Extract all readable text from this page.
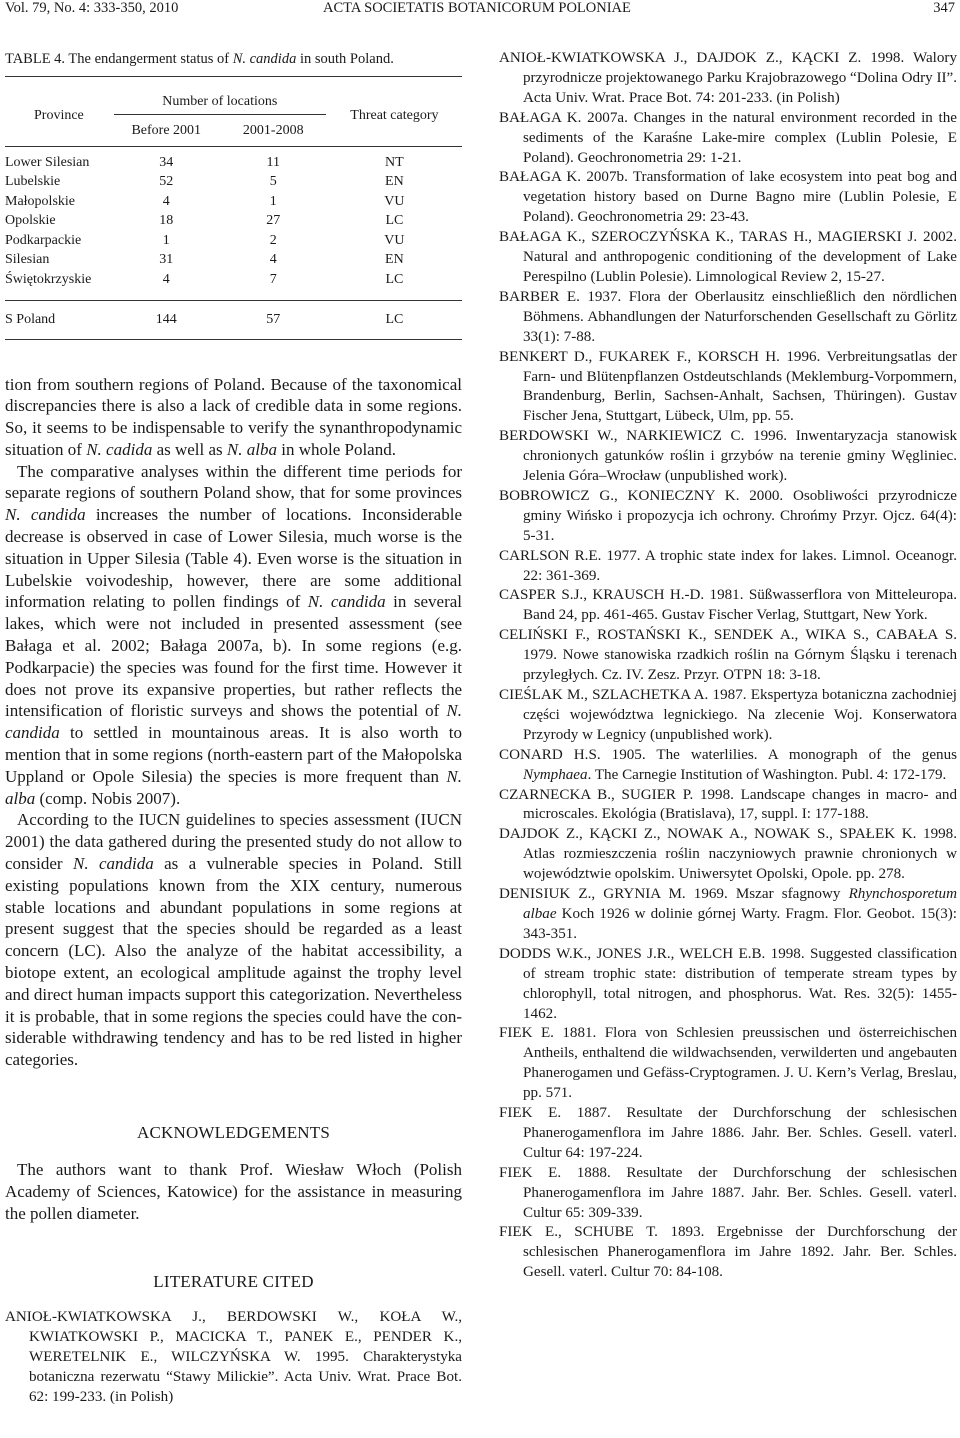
Vol. 79, No. 4: 333-350, 2010	ACTA SOCIETATIS BOTANICORUM POLONIAE	347

TABLE 4. The endangerment status of N. candida in south Poland.

Province	Number of locations		Threat category
	Before 2001	2001-2008	

Lower Silesian	34	11	NT
Lubelskie	52	5	EN
Małopolskie	4	1	VU
Opolskie	18	27	LC
Podkarpackie	1	2	VU
Silesian	31	4	EN
Świętokrzyskie	4	7	LC

S Poland	144	57	LC

tion from southern regions of Poland. Because of the taxonomical discrepancies there is also a lack of credible data in some regions. So, it seems to be indispensable to verify the synanthropodynamic situation of N. cadida as well as N. alba in whole Poland.

The comparative analyses within the different time periods for separate regions of southern Poland show, that for some provinces N. candida increases the number of locations. Inconsiderable decrease is observed in case of Lower Silesia, much worse is the situation in Upper Silesia (Table 4). Even worse is the situation in Lubelskie voivodeship, however, there are some additional information relating to pollen findings of N. candida in several lakes, which were not included in presented assessment (see Bałaga et al. 2002; Bałaga 2007a, b). In some regions (e.g. Podkarpacie) the species was found for the first time. However it does not prove its expansive properties, but rather reflects the intensification of floristic surveys and shows the potential of N. candida to settled in mountainous areas. It is also worth to mention that in some regions (north-eastern part of the Małopolska Uppland or Opole Silesia) the species is more frequent than N. alba (comp. Nobis 2007).

According to the IUCN guidelines to species assessment (IUCN 2001) the data gathered during the presented study do not allow to consider N. candida as a vulnerable species in Poland. Still existing populations known from the XIX century, numerous stable locations and abundant populations in some regions at present suggest that the species should be regarded as a least concern (LC). Also the analyze of the habitat accessibility, a biotope extent, an ecological amplitude against the trophy level and direct human impacts support this categorization. Nevertheless it is probable, that in some regions the species could have the considerable withdrawing tendency and has to be red listed in higher categories.

ACKNOWLEDGEMENTS

The authors want to thank Prof. Wiesław Włoch (Polish Academy of Sciences, Katowice) for the assistance in measuring the pollen diameter.

LITERATURE CITED

ANIOŁ-KWIATKOWSKA J., BERDOWSKI W., KOŁA W., KWIATKOWSKI P., MACICKA T., PANEK E., PENDER K., WERETELNIK E., WILCZYŃSKA W. 1995. Charakterystyka botaniczna rezerwatu “Stawy Milickie”. Acta Univ. Wrat. Prace Bot. 62: 199-233. (in Polish)

ANIOŁ-KWIATKOWSKA J., DAJDOK Z., KĄCKI Z. 1998. Walory przyrodnicze projektowanego Parku Krajobrazowego “Dolina Odry II”. Acta Univ. Wrat. Prace Bot. 74: 201-233. (in Polish)

BAŁAGA K. 2007a. Changes in the natural environment recorded in the sediments of the Karaśne Lake-mire complex (Lublin Polesie, E Poland). Geochronometria 29: 1-21.

BAŁAGA K. 2007b. Transformation of lake ecosystem into peat bog and vegetation history based on Durne Bagno mire (Lublin Polesie, E Poland). Geochronometria 29: 23-43.

BAŁAGA K., SZEROCZYŃSKA K., TARAS H., MAGIERSKI J. 2002. Natural and anthropogenic conditioning of the development of Lake Perespilno (Lublin Polesie). Limnological Review 2, 15-27.

BARBER E. 1937. Flora der Oberlausitz einschließlich den nördlichen Böhmens. Abhandlungen der Naturforschenden Gesellschaft zu Görlitz 33(1): 7-88.

BENKERT D., FUKAREK F., KORSCH H. 1996. Verbreitungsatlas der Farn- und Blütenpflanzen Ostdeutschlands (Meklemburg-Vorpommern, Brandenburg, Berlin, Sachsen-Anhalt, Sachsen, Thüringen). Gustav Fischer Jena, Stuttgart, Lübeck, Ulm, pp. 55.

BERDOWSKI W., NARKIEWICZ C. 1996. Inwentaryzacja stanowisk chronionych gatunków roślin i grzybów na terenie gminy Węgliniec. Jelenia Góra–Wrocław (unpublished work).

BOBROWICZ G., KONIECZNY K. 2000. Osobliwości przyrodnicze gminy Wińsko i propozycja ich ochrony. Chrońmy Przyr. Ojcz. 64(4): 5-31.

CARLSON R.E. 1977. A trophic state index for lakes. Limnol. Oceanogr. 22: 361-369.

CASPER S.J., KRAUSCH H.-D. 1981. Süßwasserflora von Mitteleuropa. Band 24, pp. 461-465. Gustav Fischer Verlag, Stuttgart, New York.

CELIŃSKI F., ROSTAŃSKI K., SENDEK A., WIKA S., CABAŁA S. 1979. Nowe stanowiska rzadkich roślin na Górnym Śląsku i terenach przyległych. Cz. IV. Zesz. Przyr. OTPN 18: 3-18.

CIEŚLAK M., SZLACHETKA A. 1987. Ekspertyza botaniczna zachodniej części województwa legnickiego. Na zlecenie Woj. Konserwatora Przyrody w Legnicy (unpublished work).

CONARD H.S. 1905. The waterlilies. A monograph of the genus Nymphaea. The Carnegie Institution of Washington. Publ. 4: 172-179.

CZARNECKA B., SUGIER P. 1998. Landscape changes in macro- and microscales. Ekológia (Bratislava), 17, suppl. I: 177-188.

DAJDOK Z., KĄCKI Z., NOWAK A., NOWAK S., SPAŁEK K. 1998. Atlas rozmieszczenia roślin naczyniowych prawnie chronionych w województwie opolskim. Uniwersytet Opolski, Opole. pp. 278.

DENISIUK Z., GRYNIA M. 1969. Mszar sfagnowy Rhynchosporetum albae Koch 1926 w dolinie górnej Warty. Fragm. Flor. Geobot. 15(3): 343-351.

DODDS W.K., JONES J.R., WELCH E.B. 1998. Suggested classification of stream trophic state: distribution of temperate stream types by chlorophyll, total nitrogen, and phosphorus. Wat. Res. 32(5): 1455-1462.

FIEK E. 1881. Flora von Schlesien preussischen und österreichischen Antheils, enthaltend die wildwachsenden, verwilderten und angebauten Phanerogamen und Gefäss-Cryptogramen. J. U. Kern’s Verlag, Breslau, pp. 571.

FIEK E. 1887. Resultate der Durchforschung der schlesischen Phanerogamenflora im Jahre 1886. Jahr. Ber. Schles. Gesell. vaterl. Cultur 64: 197-224.

FIEK E. 1888. Resultate der Durchforschung der schlesischen Phanerogamenflora im Jahre 1887. Jahr. Ber. Schles. Gesell. vaterl. Cultur 65: 309-339.

FIEK E., SCHUBE T. 1893. Ergebnisse der Durchforschung der schlesischen Phanerogamenflora im Jahre 1892. Jahr. Ber. Schles. Gesell. vaterl. Cultur 70: 84-108.
